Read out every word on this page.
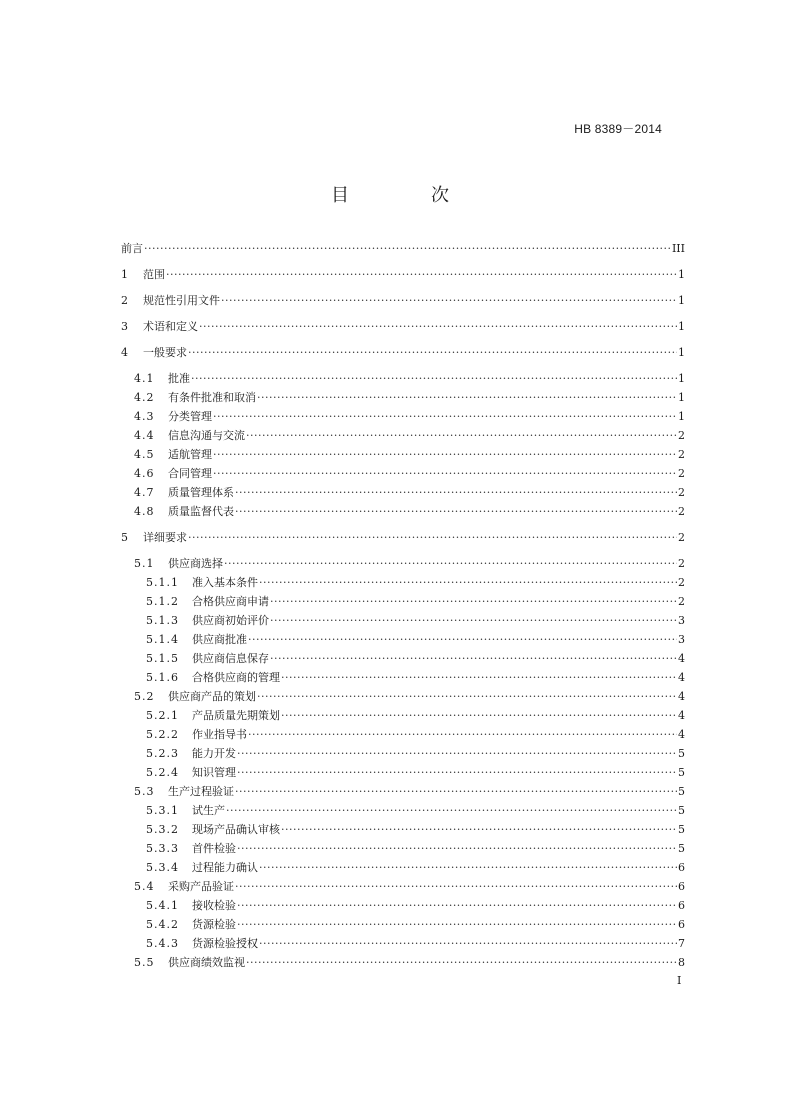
HB 8389－2014
目　次
前言 ·····	III
1	范围 ·····	1
2	规范性引用文件 ·····	1
3	术语和定义 ·····	1
4	一般要求 ·····	1
4.1	批准 ·····	1
4.2	有条件批准和取消 ·····	1
4.3	分类管理 ·····	1
4.4	信息沟通与交流 ·····	2
4.5	适航管理 ·····	2
4.6	合同管理 ·····	2
4.7	质量管理体系 ·····	2
4.8	质量监督代表 ·····	2
5	详细要求 ·····	2
5.1	供应商选择 ·····	2
5.1.1	准入基本条件 ·····	2
5.1.2	合格供应商申请 ·····	2
5.1.3	供应商初始评价 ·····	3
5.1.4	供应商批准 ·····	3
5.1.5	供应商信息保存 ·····	4
5.1.6	合格供应商的管理 ·····	4
5.2	供应商产品的策划 ·····	4
5.2.1	产品质量先期策划 ·····	4
5.2.2	作业指导书 ·····	4
5.2.3	能力开发 ·····	5
5.2.4	知识管理 ·····	5
5.3	生产过程验证 ·····	5
5.3.1	试生产 ·····	5
5.3.2	现场产品确认审核 ·····	5
5.3.3	首件检验 ·····	5
5.3.4	过程能力确认 ·····	6
5.4	采购产品验证 ·····	6
5.4.1	接收检验 ·····	6
5.4.2	货源检验 ·····	6
5.4.3	货源检验授权 ·····	7
5.5	供应商绩效监视 ·····	8
I
